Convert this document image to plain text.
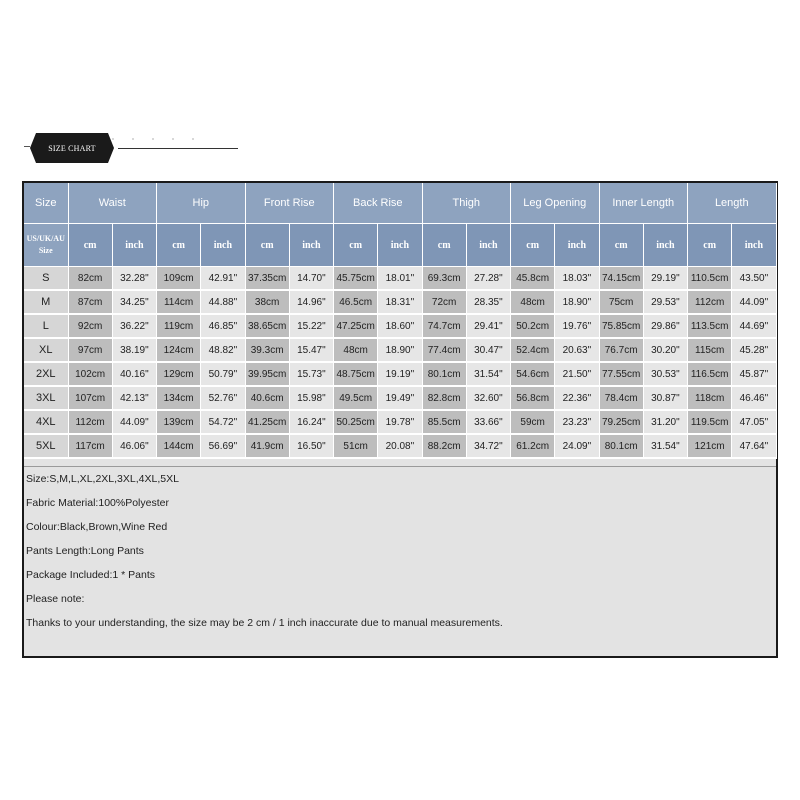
SIZE CHART
Size	Waist		Hip		Front Rise		Back Rise		Thigh		Leg Opening		Inner Length		Length	
US/UK/AU Size	cm	inch	cm	inch	cm	inch	cm	inch	cm	inch	cm	inch	cm	inch	cm	inch
S	82cm	32.28"	109cm	42.91"	37.35cm	14.70"	45.75cm	18.01"	69.3cm	27.28"	45.8cm	18.03"	74.15cm	29.19"	110.5cm	43.50"
M	87cm	34.25"	114cm	44.88"	38cm	14.96"	46.5cm	18.31"	72cm	28.35"	48cm	18.90"	75cm	29.53"	112cm	44.09"
L	92cm	36.22"	119cm	46.85"	38.65cm	15.22"	47.25cm	18.60"	74.7cm	29.41"	50.2cm	19.76"	75.85cm	29.86"	113.5cm	44.69"
XL	97cm	38.19"	124cm	48.82"	39.3cm	15.47"	48cm	18.90"	77.4cm	30.47"	52.4cm	20.63"	76.7cm	30.20"	115cm	45.28"
2XL	102cm	40.16"	129cm	50.79"	39.95cm	15.73"	48.75cm	19.19"	80.1cm	31.54"	54.6cm	21.50"	77.55cm	30.53"	116.5cm	45.87"
3XL	107cm	42.13"	134cm	52.76"	40.6cm	15.98"	49.5cm	19.49"	82.8cm	32.60"	56.8cm	22.36"	78.4cm	30.87"	118cm	46.46"
4XL	112cm	44.09"	139cm	54.72"	41.25cm	16.24"	50.25cm	19.78"	85.5cm	33.66"	59cm	23.23"	79.25cm	31.20"	119.5cm	47.05"
5XL	117cm	46.06"	144cm	56.69"	41.9cm	16.50"	51cm	20.08"	88.2cm	34.72"	61.2cm	24.09"	80.1cm	31.54"	121cm	47.64"
Size:S,M,L,XL,2XL,3XL,4XL,5XL
Fabric Material:100%Polyester
Colour:Black,Brown,Wine Red
Pants Length:Long Pants
Package Included:1 * Pants
Please note:
Thanks to your understanding, the size may be 2 cm / 1 inch inaccurate due to manual measurements.
